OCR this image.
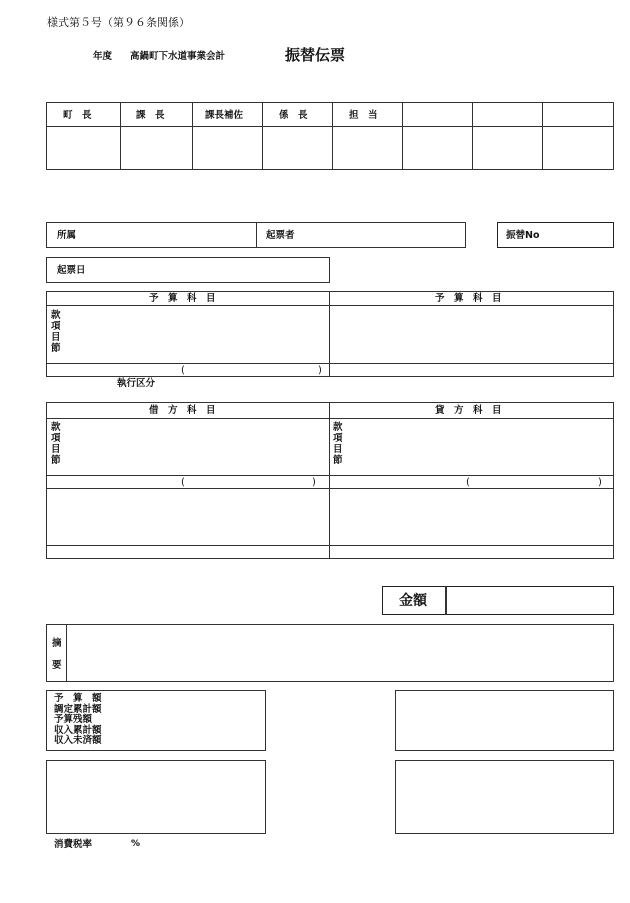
様式第５号（第９６条関係）
年度 高鍋町下水道事業会計	振替伝票
町　長	課　長	課長補佐	係　長	担　当
所属	起票者	振替No
起票日
予　算　科　目	予　算　科　目
款
項
目
節
(	)
執行区分
借　方　科　目	貸　方　科　目
款
項
目
節
款
項
目
節
(	)	(	)
金額
摘
要
予　算　額
調定累計額
予算残額
収入累計額
収入未済額
消費税率	%
